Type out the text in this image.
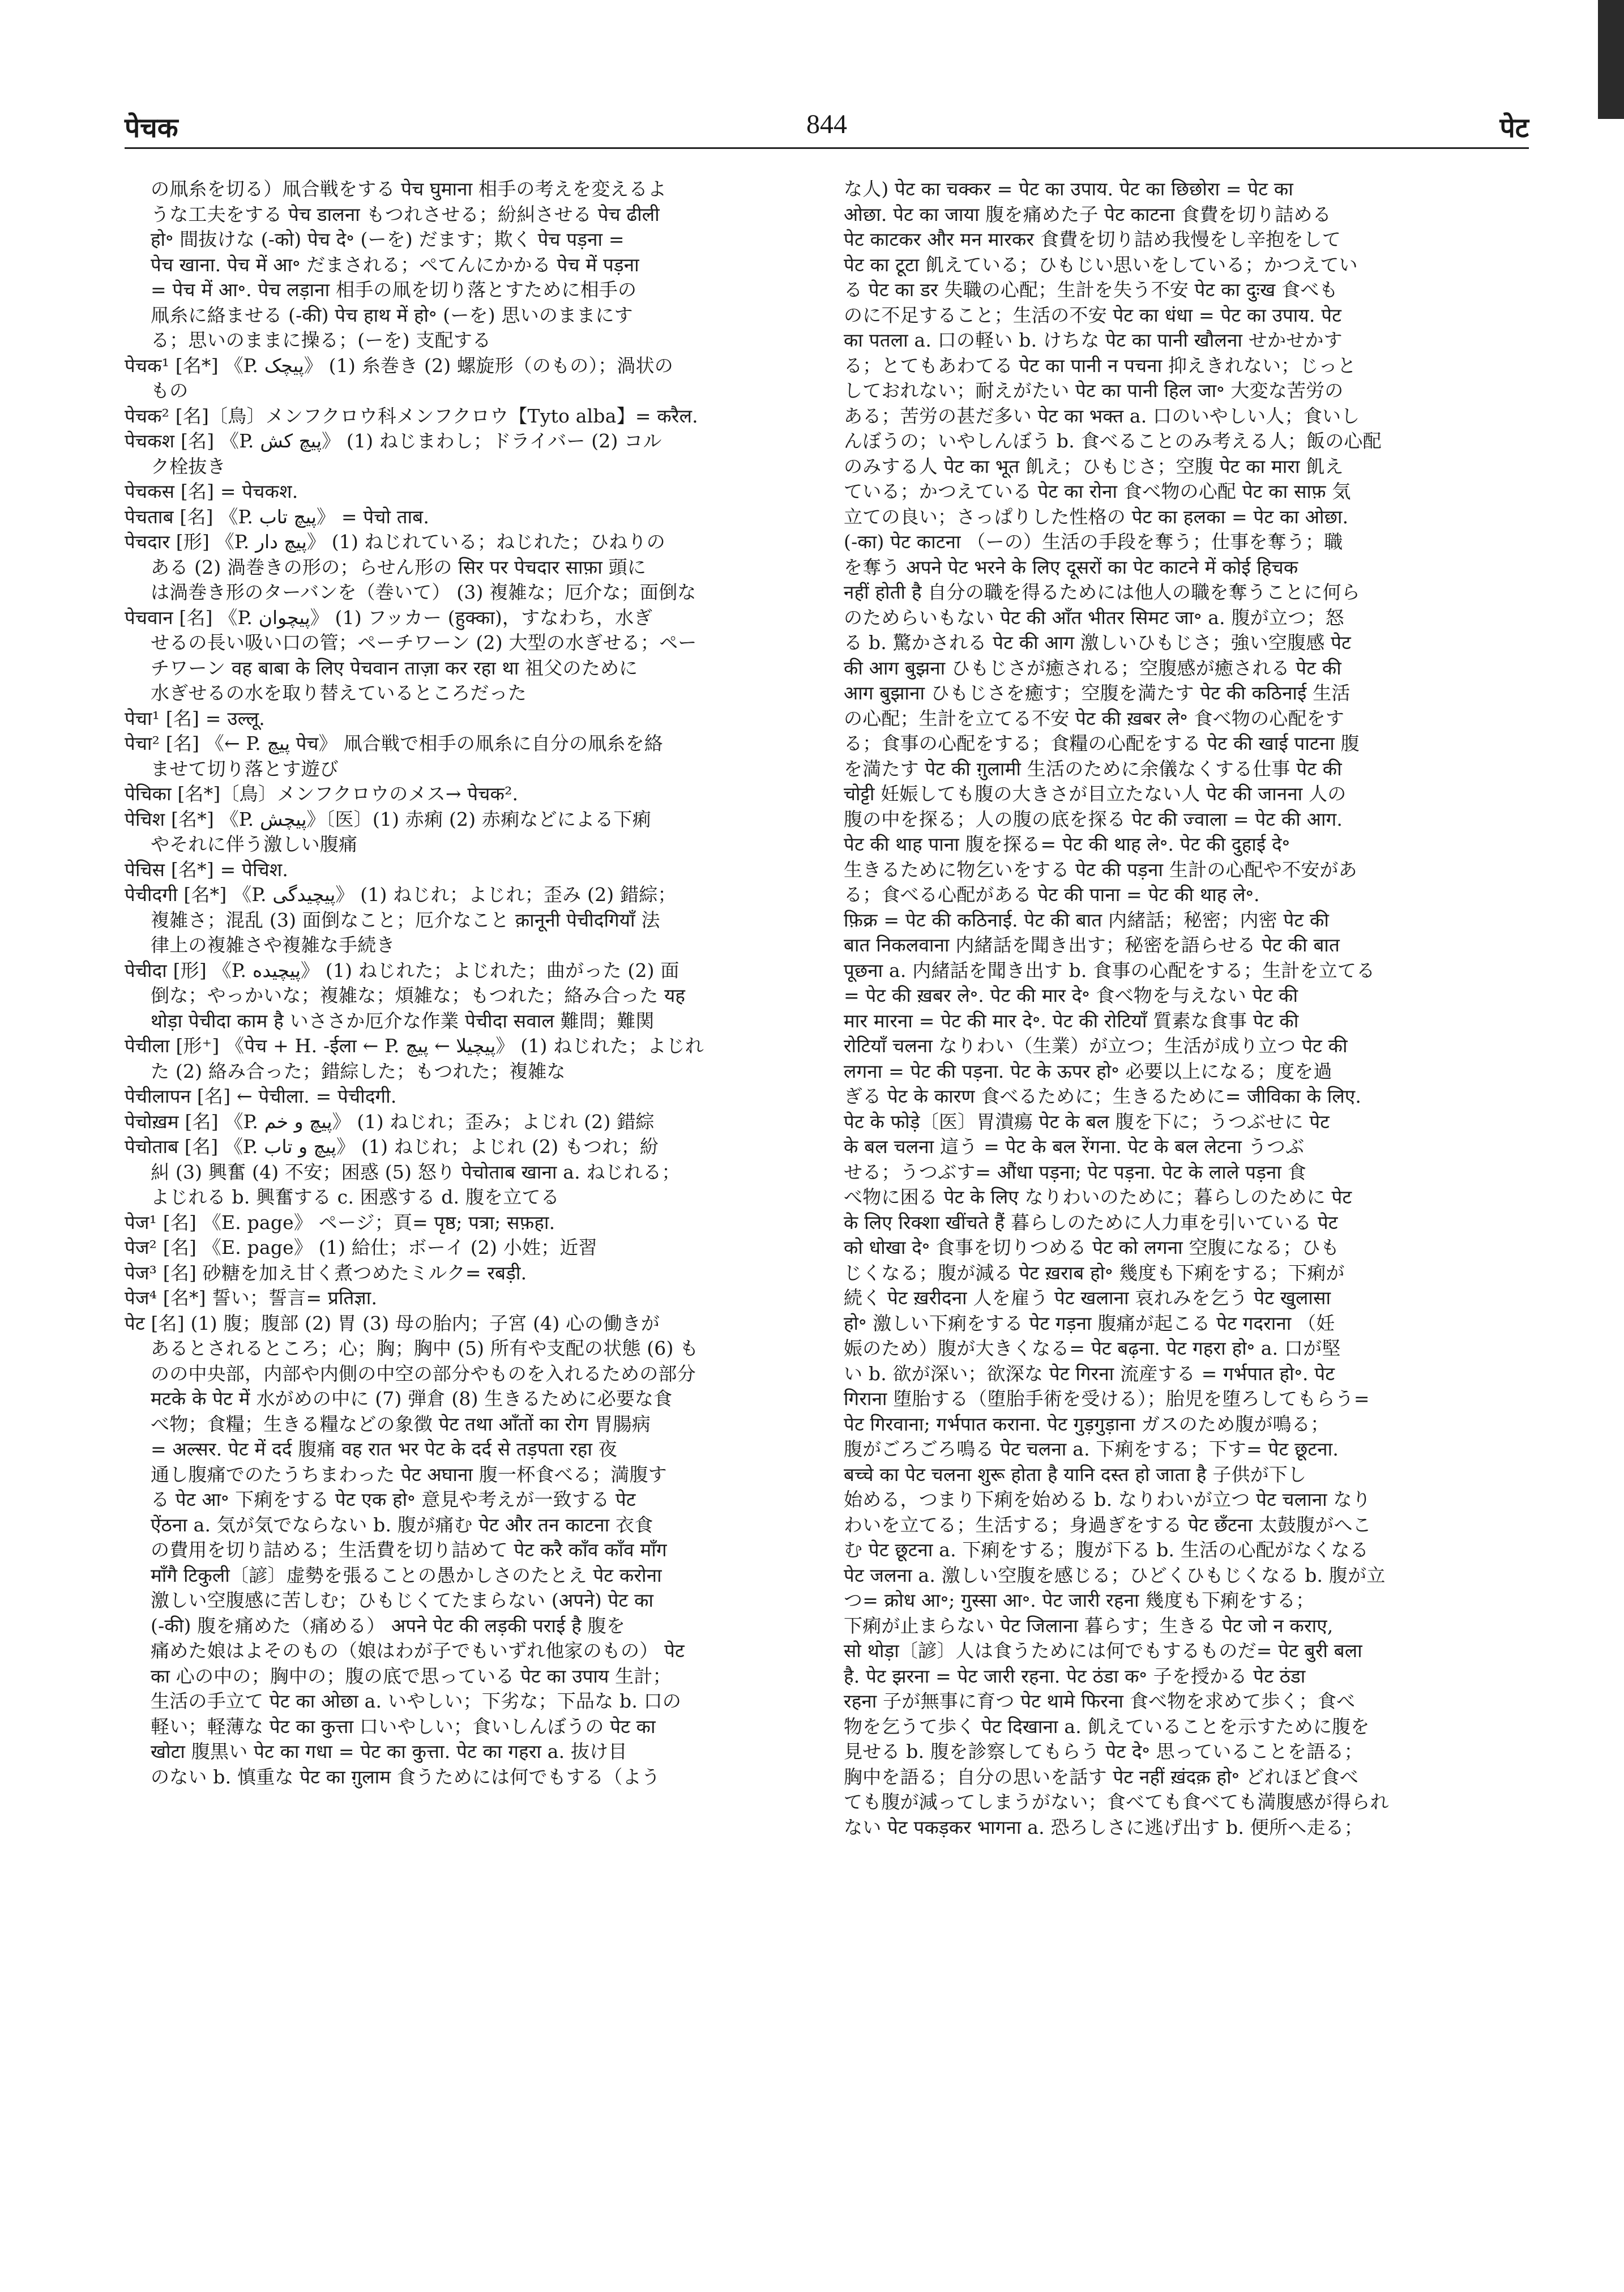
पेचक	844	पेट
の凧糸を切る）凧合戦をする पेच घुमाना 相手の考えを変えるよ
うな工夫をする पेच डालना もつれさせる；紛糾させる पेच ढीली
हो॰ 間抜けな (-को) पेच दे॰ (ーを) だます；欺く पेच पड़ना =
पेच खाना. पेच में आ॰ だまされる；ぺてんにかかる पेच में पड़ना
= पेच में आ॰. पेच लड़ाना 相手の凧を切り落とすために相手の
凧糸に絡ませる (-की) पेच हाथ में हो॰ (ーを) 思いのままにす
る；思いのままに操る；(ーを) 支配する
पेचक¹ [名*] 《P. پیچک》 (1) 糸巻き (2) 螺旋形（のもの）；渦状の
もの
पेचक² [名]〔鳥〕メンフクロウ科メンフクロウ【Tyto alba】= करैल.
पेचकश [名] 《P. پیچ کش》 (1) ねじまわし；ドライバー (2) コル
ク栓抜き
पेचकस [名] = पेचकश.
पेचताब [名] 《P. پیچ تاب》 = पेचो ताब.
पेचदार [形] 《P. پیچ دار》 (1) ねじれている；ねじれた；ひねりの
ある (2) 渦巻きの形の；らせん形の सिर पर पेचदार साफ़ा 頭に
は渦巻き形のターバンを（巻いて） (3) 複雑な；厄介な；面倒な
पेचवान [名] 《P. پیچوان》 (1) フッカー (हुक्का)，すなわち，水ぎ
せるの長い吸い口の管；ペーチワーン (2) 大型の水ぎせる；ペー
チワーン वह बाबा के लिए पेचवान ताज़ा कर रहा था 祖父のために
水ぎせるの水を取り替えているところだった
पेचा¹ [名] = उल्लू.
पेचा² [名] 《← P. پیچ पेच》 凧合戦で相手の凧糸に自分の凧糸を絡
ませて切り落とす遊び
पेचिका [名*]〔鳥〕メンフクロウのメス→ पेचक².
पेचिश [名*] 《P. پیچش》〔医〕(1) 赤痢 (2) 赤痢などによる下痢
やそれに伴う激しい腹痛
पेचिस [名*] = पेचिश.
पेचीदगी [名*] 《P. پیچیدگی》 (1) ねじれ；よじれ；歪み (2) 錯綜；
複雑さ；混乱 (3) 面倒なこと；厄介なこと क़ानूनी पेचीदगियाँ 法
律上の複雑さや複雑な手続き
पेचीदा [形] 《P. پیچیده》 (1) ねじれた；よじれた；曲がった (2) 面
倒な；やっかいな；複雑な；煩雑な；もつれた；絡み合った यह
थोड़ा पेचीदा काम है いささか厄介な作業 पेचीदा सवाल 難問；難関
पेचीला [形⁺] 《पेच + H. -ईला ← P. پیچیلا ← پیچ》 (1) ねじれた；よじれ
た (2) 絡み合った；錯綜した；もつれた；複雑な
पेचीलापन [名] ← पेचीला. = पेचीदगी.
पेचोख़म [名] 《P. پیچ و خم》 (1) ねじれ；歪み；よじれ (2) 錯綜
पेचोताब [名] 《P. پیچ و تاب》 (1) ねじれ；よじれ (2) もつれ；紛
糾 (3) 興奮 (4) 不安；困惑 (5) 怒り पेचोताब खाना a. ねじれる；
よじれる b. 興奮する c. 困惑する d. 腹を立てる
पेज¹ [名] 《E. page》 ページ；頁= पृष्ठ; पत्रा; सफ़हा.
पेज² [名] 《E. page》 (1) 給仕；ボーイ (2) 小姓；近習
पेज³ [名] 砂糖を加え甘く煮つめたミルク= रबड़ी.
पेज⁴ [名*] 誓い；誓言= प्रतिज्ञा.
पेट [名] (1) 腹；腹部 (2) 胃 (3) 母の胎内；子宮 (4) 心の働きが
あるとされるところ；心；胸；胸中 (5) 所有や支配の状態 (6) も
のの中央部，内部や内側の中空の部分やものを入れるための部分
मटके के पेट में 水がめの中に (7) 弾倉 (8) 生きるために必要な食
べ物；食糧；生きる糧などの象徴 पेट तथा आँतों का रोग 胃腸病
= अल्सर. पेट में दर्द 腹痛 वह रात भर पेट के दर्द से तड़पता रहा 夜
通し腹痛でのたうちまわった पेट अघाना 腹一杯食べる；満腹す
る पेट आ॰ 下痢をする पेट एक हो॰ 意見や考えが一致する पेट
ऐंठना a. 気が気でならない b. 腹が痛む पेट और तन काटना 衣食
の費用を切り詰める；生活費を切り詰めて पेट करै काँव काँव माँग
माँगै टिकुली〔諺〕虚勢を張ることの愚かしさのたとえ पेट करोना
激しい空腹感に苦しむ；ひもじくてたまらない (अपने) पेट का
(-की) 腹を痛めた（痛める） अपने पेट की लड़की पराई है 腹を
痛めた娘はよそのもの（娘はわが子でもいずれ他家のもの） पेट
का 心の中の；胸中の；腹の底で思っている पेट का उपाय 生計；
生活の手立て पेट का ओछा a. いやしい；下劣な；下品な b. 口の
軽い；軽薄な पेट का कुत्ता 口いやしい；食いしんぼうの पेट का
खोटा 腹黒い पेट का गधा = पेट का कुत्ता. पेट का गहरा a. 抜け目
のない b. 慎重な पेट का ग़ुलाम 食うためには何でもする（よう
な人) पेट का चक्कर = पेट का उपाय. पेट का छिछोरा = पेट का
ओछा. पेट का जाया 腹を痛めた子 पेट काटना 食費を切り詰める
पेट काटकर और मन मारकर 食費を切り詰め我慢をし辛抱をして
पेट का टूटा 飢えている；ひもじい思いをしている；かつえてい
る पेट का डर 失職の心配；生計を失う不安 पेट का दुःख 食べも
のに不足すること；生活の不安 पेट का धंधा = पेट का उपाय. पेट
का पतला a. 口の軽い b. けちな पेट का पानी खौलना せかせかす
る；とてもあわてる पेट का पानी न पचना 抑えきれない；じっと
しておれない；耐えがたい पेट का पानी हिल जा॰ 大変な苦労の
ある；苦労の甚だ多い पेट का भक्त a. 口のいやしい人；食いし
んぼうの；いやしんぼう b. 食べることのみ考える人；飯の心配
のみする人 पेट का भूत 飢え；ひもじさ；空腹 पेट का मारा 飢え
ている；かつえている पेट का रोना 食べ物の心配 पेट का साफ़ 気
立ての良い；さっぱりした性格の पेट का हलका = पेट का ओछा.
(-का) पेट काटना （ーの）生活の手段を奪う；仕事を奪う；職
を奪う अपने पेट भरने के लिए दूसरों का पेट काटने में कोई हिचक
नहीं होती है 自分の職を得るためには他人の職を奪うことに何ら
のためらいもない पेट की आँत भीतर सिमट जा॰ a. 腹が立つ；怒
る b. 驚かされる पेट की आग 激しいひもじさ；強い空腹感 पेट
की आग बुझना ひもじさが癒される；空腹感が癒される पेट की
आग बुझाना ひもじさを癒す；空腹を満たす पेट की कठिनाई 生活
の心配；生計を立てる不安 पेट की ख़बर ले॰ 食べ物の心配をす
る；食事の心配をする；食糧の心配をする पेट की खाई पाटना 腹
を満たす पेट की ग़ुलामी 生活のために余儀なくする仕事 पेट की
चोट्टी 妊娠しても腹の大きさが目立たない人 पेट की जानना 人の
腹の中を探る；人の腹の底を探る पेट की ज्वाला = पेट की आग.
पेट की थाह पाना 腹を探る= पेट की थाह ले॰. पेट की दुहाई दे॰
生きるために物乞いをする पेट की पड़ना 生計の心配や不安があ
る；食べる心配がある पेट की पाना = पेट की थाह ले॰.
फ़िक्र = पेट की कठिनाई. पेट की बात 内緒話；秘密；内密 पेट की
बात निकलवाना 内緒話を聞き出す；秘密を語らせる पेट की बात
पूछना a. 内緒話を聞き出す b. 食事の心配をする；生計を立てる
= पेट की ख़बर ले॰. पेट की मार दे॰ 食べ物を与えない पेट की
मार मारना = पेट की मार दे॰. पेट की रोटियाँ 質素な食事 पेट की
रोटियाँ चलना なりわい（生業）が立つ；生活が成り立つ पेट की
लगना = पेट की पड़ना. पेट के ऊपर हो॰ 必要以上になる；度を過
ぎる पेट के कारण 食べるために；生きるために= जीविका के लिए.
पेट के फोड़े〔医〕胃潰瘍 पेट के बल 腹を下に；うつぶせに पेट
के बल चलना 這う = पेट के बल रेंगना. पेट के बल लेटना うつぶ
せる；うつぶす= औंधा पड़ना; पेट पड़ना. पेट के लाले पड़ना 食
べ物に困る पेट के लिए なりわいのために；暮らしのために पेट
के लिए रिक्शा खींचते हैं 暮らしのために人力車を引いている पेट
को धोखा दे॰ 食事を切りつめる पेट को लगना 空腹になる；ひも
じくなる；腹が減る पेट ख़राब हो॰ 幾度も下痢をする；下痢が
続く पेट ख़रीदना 人を雇う पेट खलाना 哀れみを乞う पेट खुलासा
हो॰ 激しい下痢をする पेट गड़ना 腹痛が起こる पेट गदराना （妊
娠のため）腹が大きくなる= पेट बढ़ना. पेट गहरा हो॰ a. 口が堅
い b. 欲が深い；欲深な पेट गिरना 流産する = गर्भपात हो॰. पेट
गिराना 堕胎する（堕胎手術を受ける）；胎児を堕ろしてもらう=
पेट गिरवाना; गर्भपात कराना. पेट गुड़गुड़ाना ガスのため腹が鳴る；
腹がごろごろ鳴る पेट चलना a. 下痢をする；下す= पेट छूटना.
बच्चे का पेट चलना शुरू होता है यानि दस्त हो जाता है 子供が下し
始める，つまり下痢を始める b. なりわいが立つ पेट चलाना なり
わいを立てる；生活する；身過ぎをする पेट छँटना 太鼓腹がへこ
む पेट छूटना a. 下痢をする；腹が下る b. 生活の心配がなくなる
पेट जलना a. 激しい空腹を感じる；ひどくひもじくなる b. 腹が立
つ= क्रोध आ॰; गुस्सा आ॰. पेट जारी रहना 幾度も下痢をする；
下痢が止まらない पेट जिलाना 暮らす；生きる पेट जो न कराए,
सो थोड़ा〔諺〕人は食うためには何でもするものだ= पेट बुरी बला
है. पेट झरना = पेट जारी रहना. पेट ठंडा क॰ 子を授かる पेट ठंडा
रहना 子が無事に育つ पेट थामे फिरना 食べ物を求めて歩く；食べ
物を乞うて歩く पेट दिखाना a. 飢えていることを示すために腹を
見せる b. 腹を診察してもらう पेट दे॰ 思っていることを語る；
胸中を語る；自分の思いを話す पेट नहीं ख़ंदक़ हो॰ どれほど食べ
ても腹が減ってしまうがない；食べても食べても満腹感が得られ
ない पेट पकड़कर भागना a. 恐ろしさに逃げ出す b. 便所へ走る；
